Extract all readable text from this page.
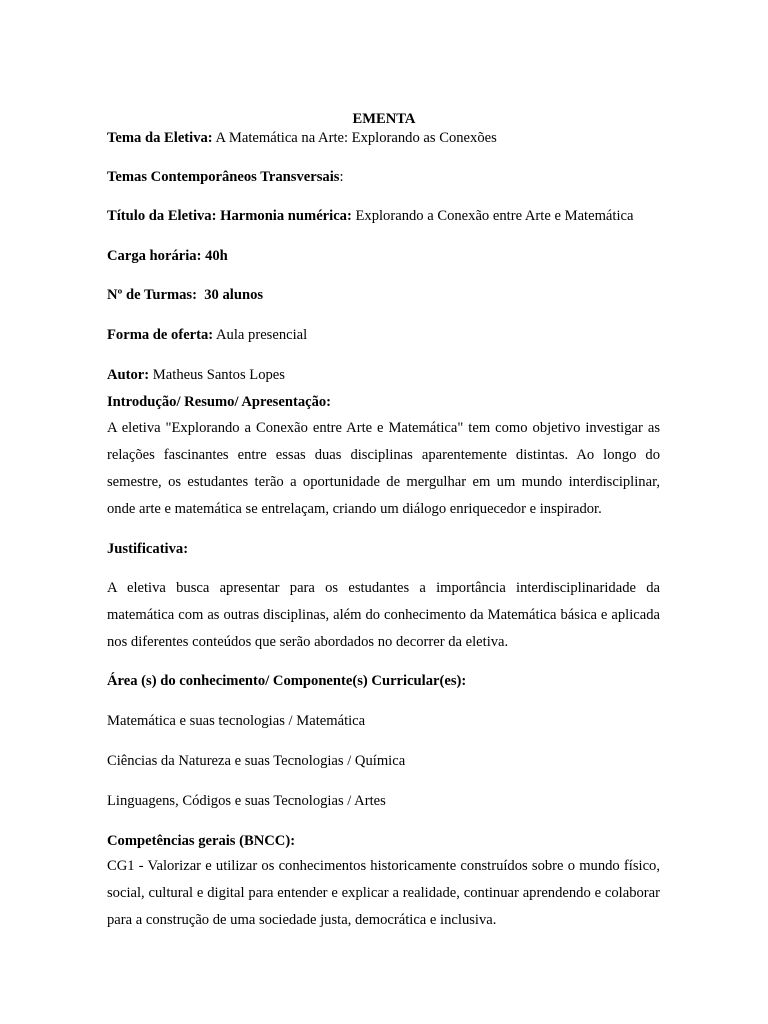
EMENTA
Tema da Eletiva: A Matemática na Arte: Explorando as Conexões
Temas Contemporâneos Transversais:
Título da Eletiva: Harmonia numérica: Explorando a Conexão entre Arte e Matemática
Carga horária: 40h
Nº de Turmas:  30 alunos
Forma de oferta: Aula presencial
Autor: Matheus Santos Lopes
Introdução/ Resumo/ Apresentação:
A eletiva "Explorando a Conexão entre Arte e Matemática" tem como objetivo investigar as relações fascinantes entre essas duas disciplinas aparentemente distintas. Ao longo do semestre, os estudantes terão a oportunidade de mergulhar em um mundo interdisciplinar, onde arte e matemática se entrelaçam, criando um diálogo enriquecedor e inspirador.
Justificativa:
A eletiva busca apresentar para os estudantes a importância interdisciplinaridade da matemática com as outras disciplinas, além do conhecimento da Matemática básica e aplicada nos diferentes conteúdos que serão abordados no decorrer da eletiva.
Área (s) do conhecimento/ Componente(s) Curricular(es):
Matemática e suas tecnologias / Matemática
Ciências da Natureza e suas Tecnologias / Química
Linguagens, Códigos e suas Tecnologias / Artes
Competências gerais (BNCC):
CG1 - Valorizar e utilizar os conhecimentos historicamente construídos sobre o mundo físico, social, cultural e digital para entender e explicar a realidade, continuar aprendendo e colaborar para a construção de uma sociedade justa, democrática e inclusiva.
